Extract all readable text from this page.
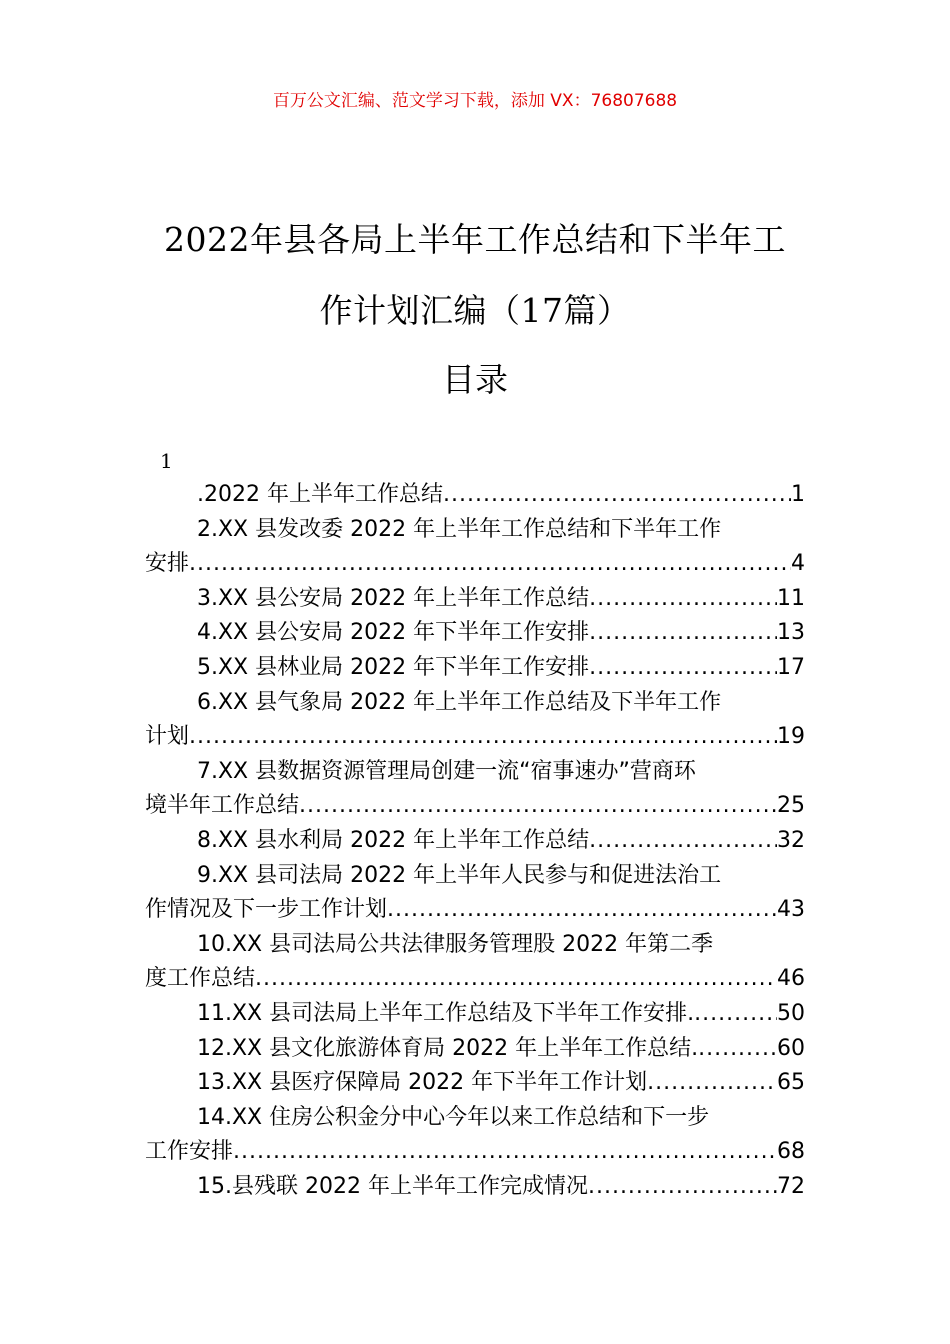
百万公文汇编、范文学习下载，添加 VX：76807688
2022年县各局上半年工作总结和下半年工
作计划汇编（17篇）
目录
1
.2022 年上半年工作总结 .....	1
2.XX 县发改委 2022 年上半年工作总结和下半年工作
安排 .....	4
3.XX 县公安局 2022 年上半年工作总结 .....	11
4.XX 县公安局 2022 年下半年工作安排 .....	13
5.XX 县林业局 2022 年下半年工作安排 .....	17
6.XX 县气象局 2022 年上半年工作总结及下半年工作
计划 .....	19
7.XX 县数据资源管理局创建一流“宿事速办”营商环
境半年工作总结 .....	25
8.XX 县水利局 2022 年上半年工作总结 .....	32
9.XX 县司法局 2022 年上半年人民参与和促进法治工
作情况及下一步工作计划 .....	43
10.XX 县司法局公共法律服务管理股 2022 年第二季
度工作总结 .....	46
11.XX 县司法局上半年工作总结及下半年工作安排. .....	50
12.XX 县文化旅游体育局 2022 年上半年工作总结. .....	60
13.XX 县医疗保障局 2022 年下半年工作计划 .....	65
14.XX 住房公积金分中心今年以来工作总结和下一步
工作安排 .....	68
15.县残联 2022 年上半年工作完成情况 .....	72
